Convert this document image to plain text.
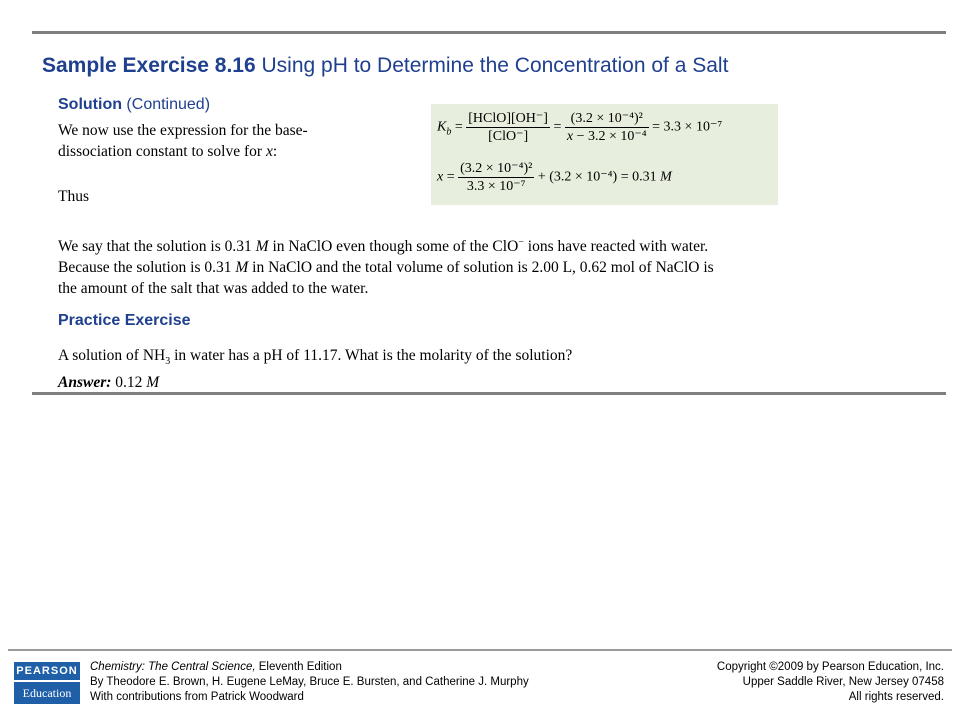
Sample Exercise 8.16 Using pH to Determine the Concentration of a Salt
Solution (Continued)
We now use the expression for the base-
dissociation constant to solve for x:
Thus
$K_b = \frac{\text{[HClO][OH⁻]}}{\text{[ClO⁻]}} = \frac{\text{(3.2 × 10⁻⁴)²}}{\text{x − 3.2 × 10⁻⁴}} = 3.3 \times 10^{-7}$
$x = \frac{\text{(3.2 × 10⁻⁴)²}}{\text{3.3 × 10⁻⁷}} + (3.2 \times 10^{-4}) = 0.31$ M
We say that the solution is 0.31 M in NaClO even though some of the ClO− ions have reacted with water.
Because the solution is 0.31 M in NaClO and the total volume of solution is 2.00 L, 0.62 mol of NaClO is
the amount of the salt that was added to the water.
Practice Exercise
A solution of $NH_3$ in water has a pH of 11.17. What is the molarity of the solution?
Answer: 0.12 M
PEARSON
Education
Chemistry: The Central Science, Eleventh Edition
By Theodore E. Brown, H. Eugene LeMay, Bruce E. Bursten, and Catherine J. Murphy
With contributions from Patrick Woodward
Copyright ©2009 by Pearson Education, Inc.
Upper Saddle River, New Jersey 07458
All rights reserved.
